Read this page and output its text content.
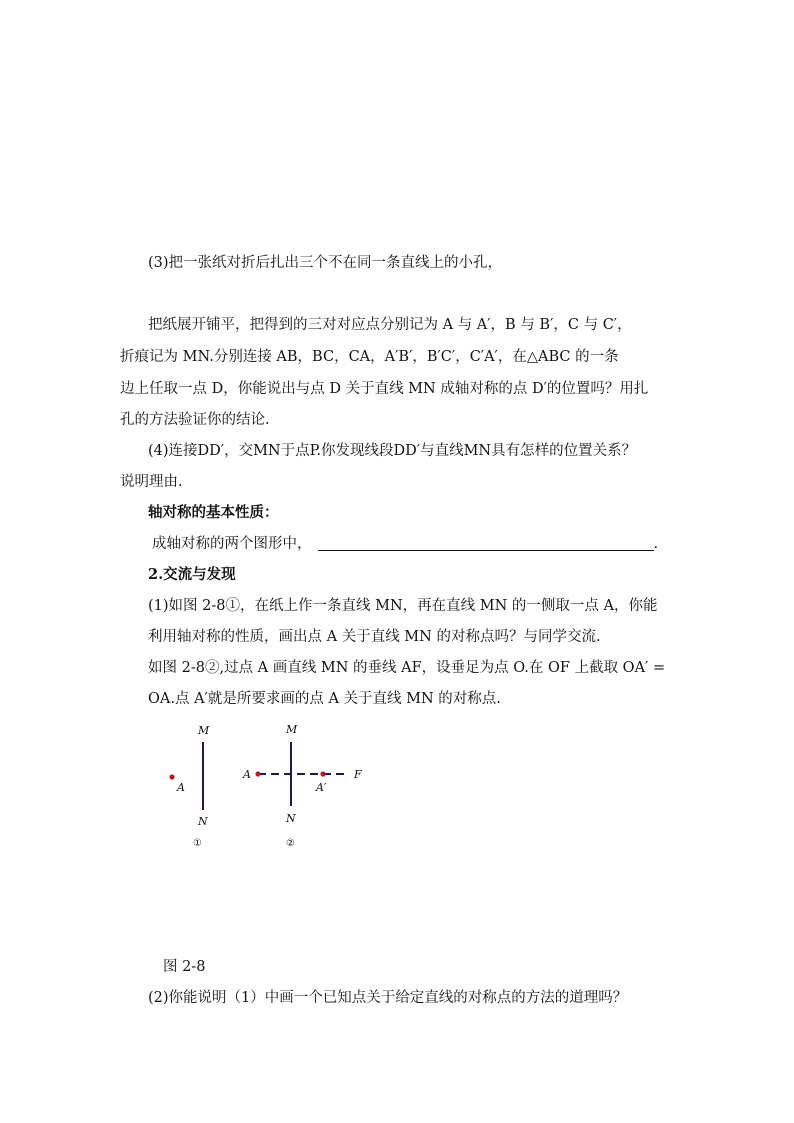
(3)把一张纸对折后扎出三个不在同一条直线上的小孔，
把纸展开铺平，把得到的三对对应点分别记为 A 与 A′，B 与 B′，C 与 C′，
折痕记为 MN.分别连接 AB，BC，CA，A′B′，B′C′，C′A′，在△ABC 的一条
边上任取一点 D，你能说出与点 D 关于直线 MN 成轴对称的点 D′的位置吗？用扎
孔的方法验证你的结论.
(4)连接DD′，交MN于点P.你发现线段DD′与直线MN具有怎样的位置关系？
说明理由.
轴对称的基本性质：
成轴对称的两个图形中，	.
2.交流与发现
(1)如图 2-8①，在纸上作一条直线 MN，再在直线 MN 的一侧取一点 A，你能
利用轴对称的性质，画出点 A 关于直线 MN 的对称点吗？与同学交流.
如图 2-8②,过点 A 画直线 MN 的垂线 AF，设垂足为点 O.在 OF 上截取 OA′ =
OA.点 A′就是所要求画的点 A 关于直线 MN 的对称点.
M
N
A
①
M
N
A
A′
F
②
图 2-8
(2)你能说明（1）中画一个已知点关于给定直线的对称点的方法的道理吗？
